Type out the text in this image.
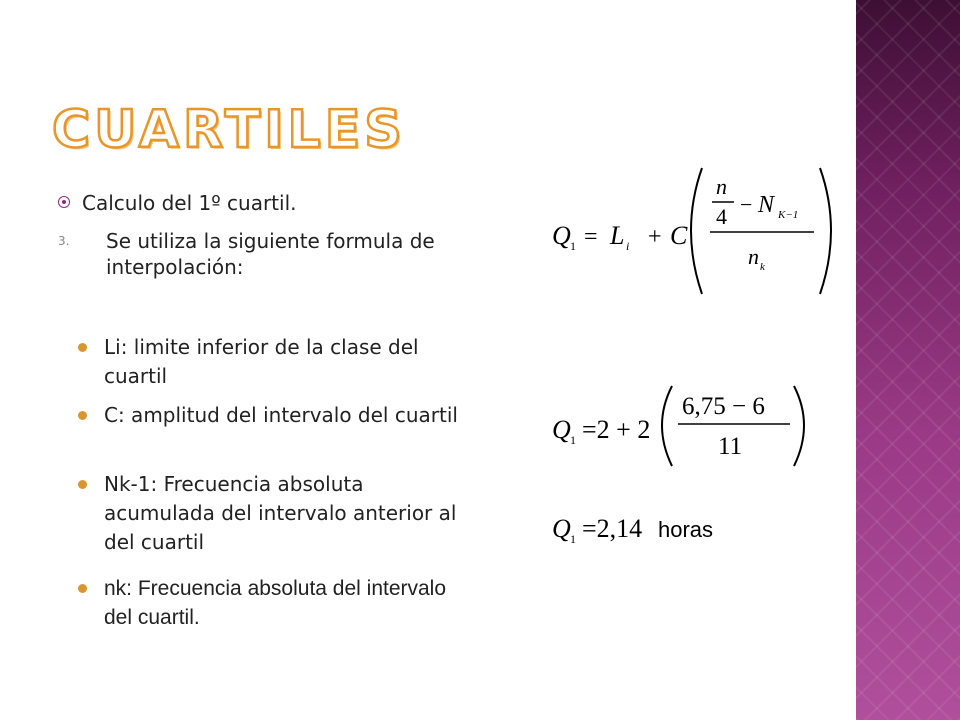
CUARTILES
Calculo del 1º cuartil.
3. Se utiliza la siguiente formula de interpolación:
Li: limite inferior de la clase del cuartil
C: amplitud del intervalo del cuartil
Nk-1: Frecuencia absoluta acumulada del intervalo anterior al del cuartil
nk: Frecuencia absoluta del intervalo del cuartil.
Q 1 = L i + C
n
4 − N K−1
n k
Q 1 =2 + 2
6,75 − 6
11
Q 1 =2,14 horas
